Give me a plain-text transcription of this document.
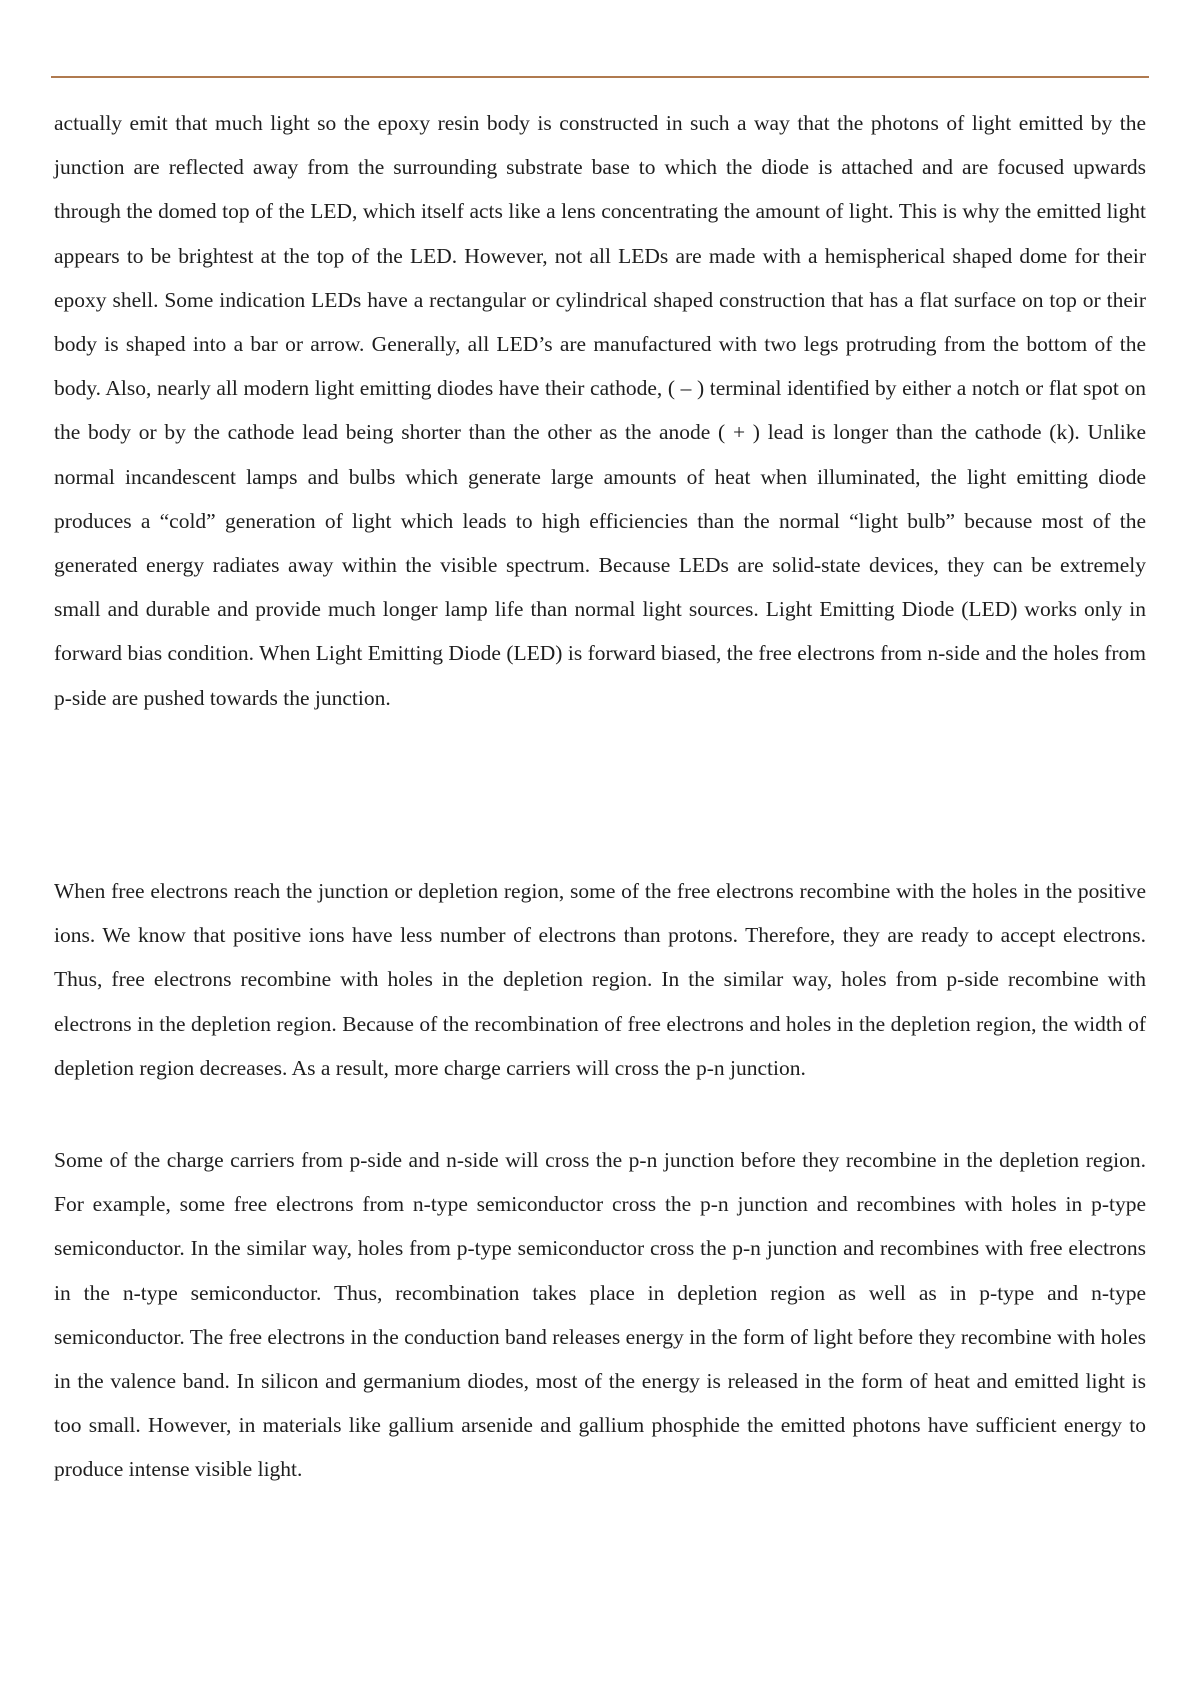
actually emit that much light so the epoxy resin body is constructed in such a way that the photons of light emitted by the junction are reflected away from the surrounding substrate base to which the diode is attached and are focused upwards through the domed top of the LED, which itself acts like a lens concentrating the amount of light. This is why the emitted light appears to be brightest at the top of the LED. However, not all LEDs are made with a hemispherical shaped dome for their epoxy shell. Some indication LEDs have a rectangular or cylindrical shaped construction that has a flat surface on top or their body is shaped into a bar or arrow. Generally, all LED’s are manufactured with two legs protruding from the bottom of the body. Also, nearly all modern light emitting diodes have their cathode, ( – ) terminal identified by either a notch or flat spot on the body or by the cathode lead being shorter than the other as the anode ( + ) lead is longer than the cathode (k). Unlike normal incandescent lamps and bulbs which generate large amounts of heat when illuminated, the light emitting diode produces a “cold” generation of light which leads to high efficiencies than the normal “light bulb” because most of the generated energy radiates away within the visible spectrum. Because LEDs are solid-state devices, they can be extremely small and durable and provide much longer lamp life than normal light sources. Light Emitting Diode (LED) works only in forward bias condition. When Light Emitting Diode (LED) is forward biased, the free electrons from n-side and the holes from p-side are pushed towards the junction.

When free electrons reach the junction or depletion region, some of the free electrons recombine with the holes in the positive ions. We know that positive ions have less number of electrons than protons. Therefore, they are ready to accept electrons. Thus, free electrons recombine with holes in the depletion region. In the similar way, holes from p-side recombine with electrons in the depletion region. Because of the recombination of free electrons and holes in the depletion region, the width of depletion region decreases. As a result, more charge carriers will cross the p-n junction.

Some of the charge carriers from p-side and n-side will cross the p-n junction before they recombine in the depletion region. For example, some free electrons from n-type semiconductor cross the p-n junction and recombines with holes in p-type semiconductor. In the similar way, holes from p-type semiconductor cross the p-n junction and recombines with free electrons in the n-type semiconductor. Thus, recombination takes place in depletion region as well as in p-type and n-type semiconductor. The free electrons in the conduction band releases energy in the form of light before they recombine with holes in the valence band. In silicon and germanium diodes, most of the energy is released in the form of heat and emitted light is too small. However, in materials like gallium arsenide and gallium phosphide the emitted photons have sufficient energy to produce intense visible light.
